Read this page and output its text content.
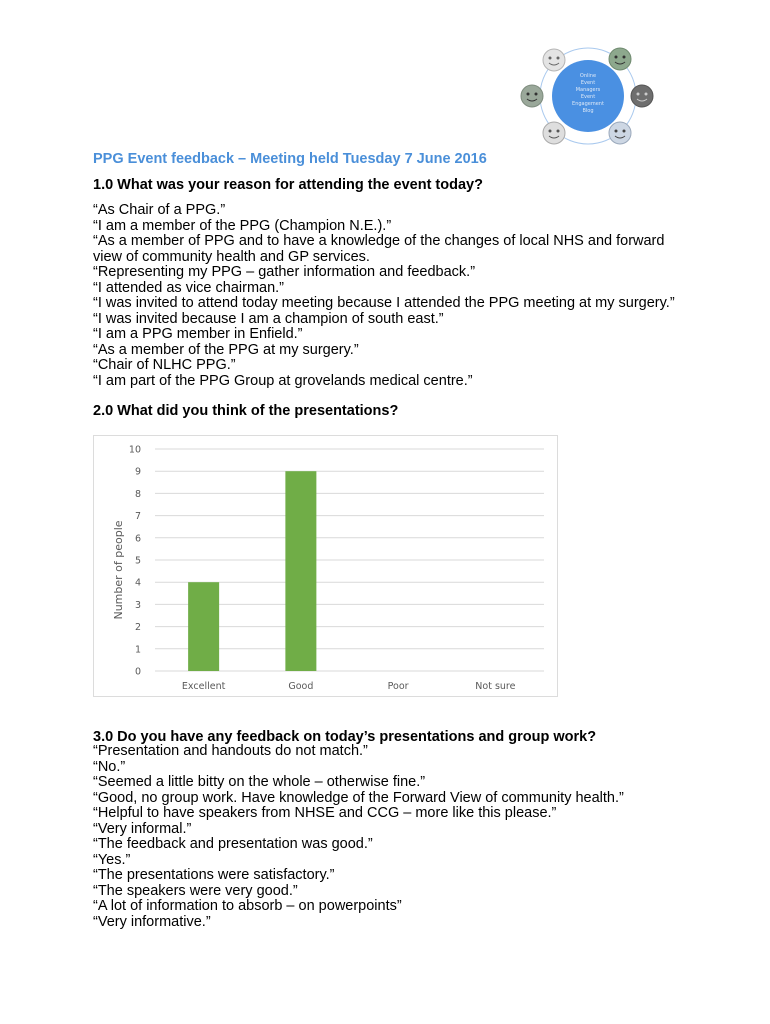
Online
Event
Managers
Event
Engagement
Blog
PPG Event feedback – Meeting held Tuesday 7 June 2016
1.0 What was your reason for attending the event today?
“As Chair of a PPG.”
“I am a member of the PPG (Champion N.E.).”
“As a member of PPG and to have a knowledge of the changes of local NHS and forward
view of community health and GP services.
“Representing my PPG – gather information and feedback.”
“I attended as vice chairman.”
“I was invited to attend today meeting because I attended the PPG meeting at my surgery.”
“I was invited because I am a champion of south east.”
“I am a PPG member in Enfield.”
“As a member of the PPG at my surgery.”
“Chair of NLHC PPG.”
“I am part of the PPG Group at grovelands medical centre.”
2.0 What did you think of the presentations?
0
1
2
3
4
5
6
7
8
9
10
Excellent	Good	Poor	Not sure
Number of people
3.0 Do you have any feedback on today’s presentations and group work?
“Presentation and handouts do not match.”
“No.”
“Seemed a little bitty on the whole – otherwise fine.”
“Good, no group work. Have knowledge of the Forward View of community health.”
“Helpful to have speakers from NHSE and CCG – more like this please.”
“Very informal.”
“The feedback and presentation was good.”
“Yes.”
“The presentations were satisfactory.”
“The speakers were very good.”
“A lot of information to absorb – on powerpoints”
“Very informative.”
